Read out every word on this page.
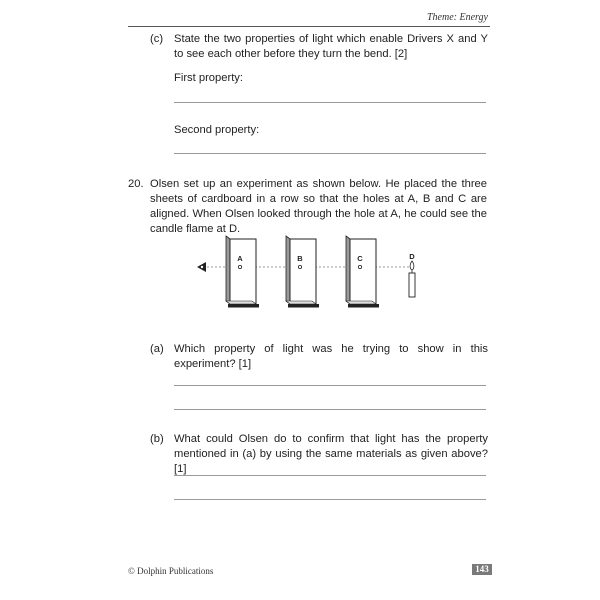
Theme: Energy
(c) State the two properties of light which enable Drivers X and Y to see each other before they turn the bend. [2]
First property:
Second property:
20. Olsen set up an experiment as shown below. He placed the three sheets of cardboard in a row so that the holes at A, B and C are aligned. When Olsen looked through the hole at A, he could see the candle flame at D.
A	B	C	D
(a) Which property of light was he trying to show in this experiment? [1]
(b) What could Olsen do to confirm that light has the property mentioned in (a) by using the same materials as given above? [1]
© Dolphin Publications	143
